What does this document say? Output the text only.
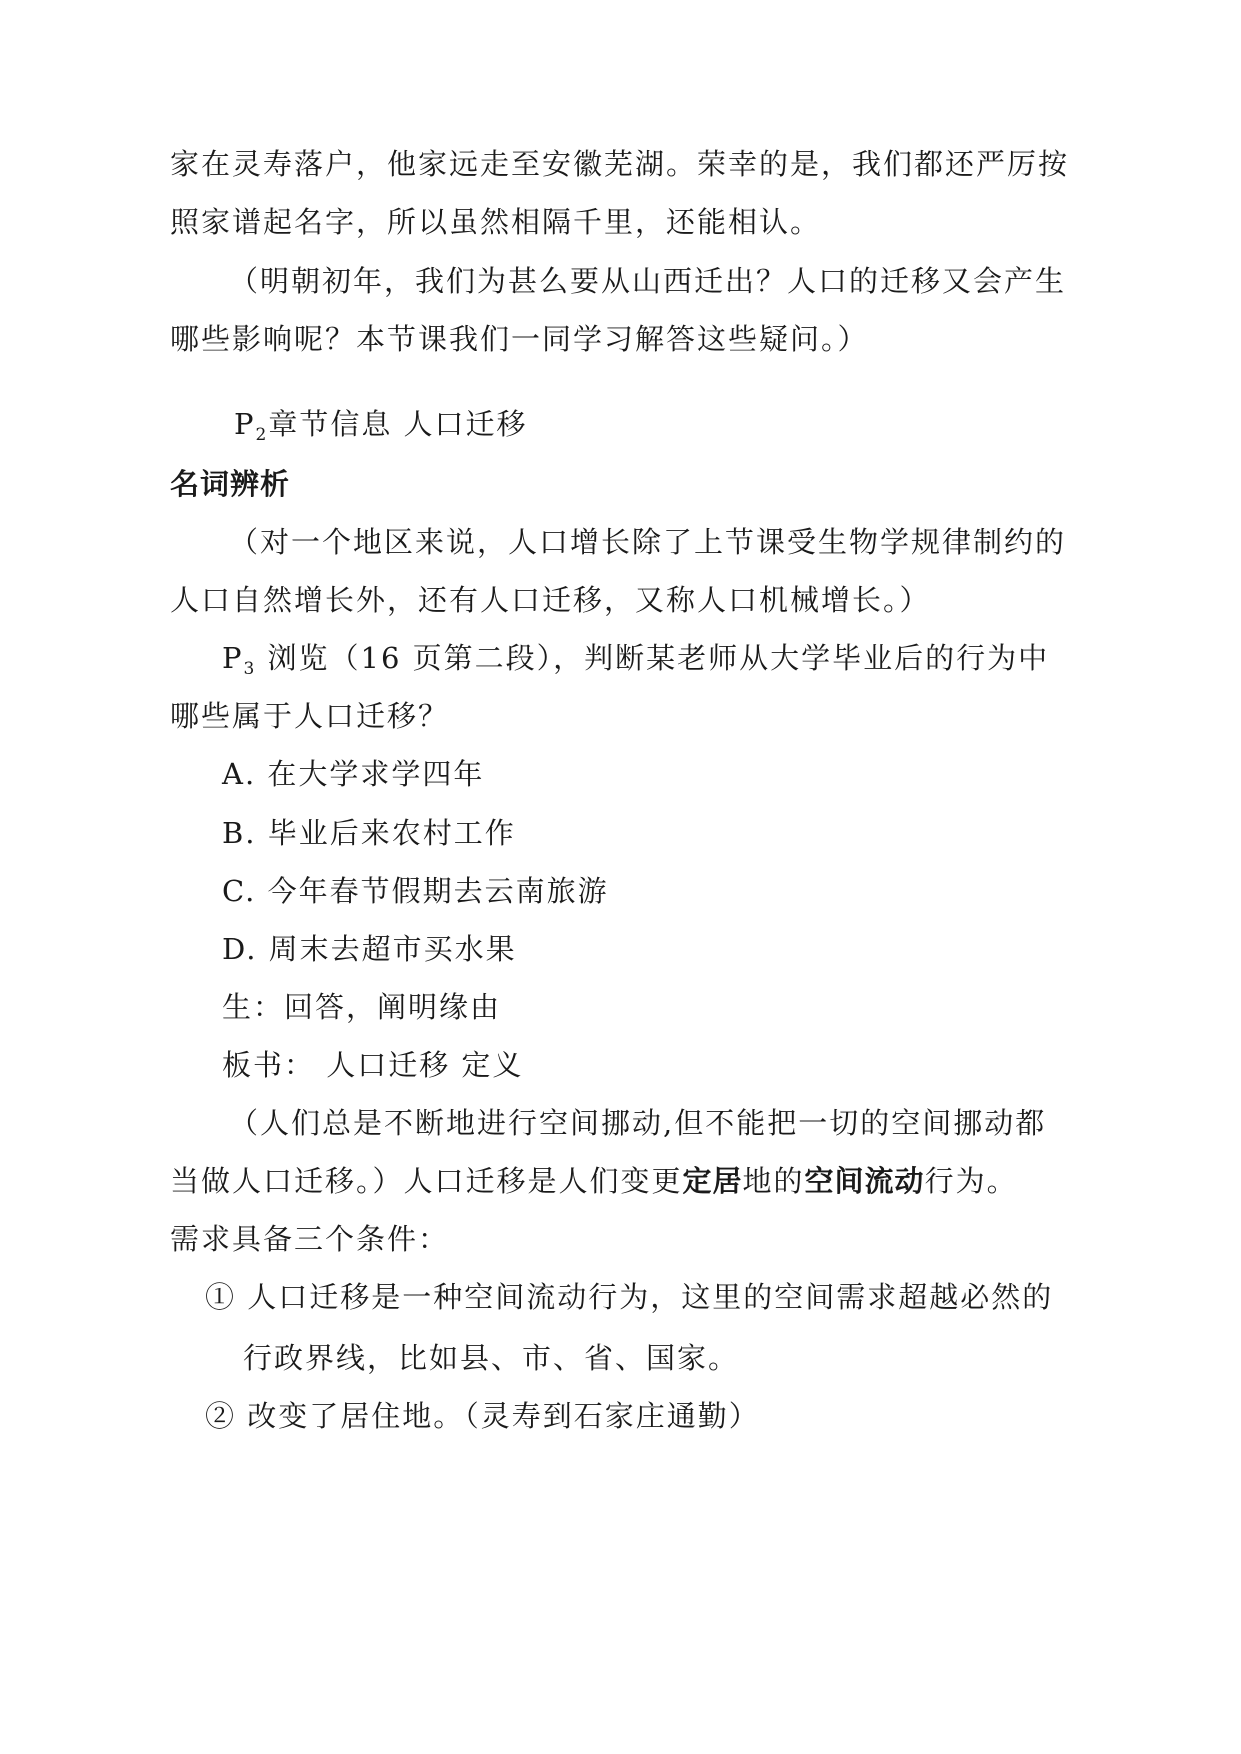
家在灵寿落户，他家远走至安徽芜湖。荣幸的是，我们都还严厉按
照家谱起名字，所以虽然相隔千里，还能相认。
（明朝初年，我们为甚么要从山西迁出？人口的迁移又会产生
哪些影响呢？本节课我们一同学习解答这些疑问。）
$P_2$章节信息 人口迁移
名词辨析
（对一个地区来说，人口增长除了上节课受生物学规律制约的
人口自然增长外，还有人口迁移，又称人口机械增长。）
$P_3$ 浏览（16 页第二段），判断某老师从大学毕业后的行为中
哪些属于人口迁移？
A. 在大学求学四年
B. 毕业后来农村工作
C. 今年春节假期去云南旅游
D. 周末去超市买水果
生：回答，阐明缘由
板书： 人口迁移 定义
（人们总是不断地进行空间挪动,但不能把一切的空间挪动都
当做人口迁移。）人口迁移是人们变更定居地的空间流动行为。
需求具备三个条件：
① 人口迁移是一种空间流动行为，这里的空间需求超越必然的
行政界线，比如县、市、省、国家。
② 改变了居住地。（灵寿到石家庄通勤）
